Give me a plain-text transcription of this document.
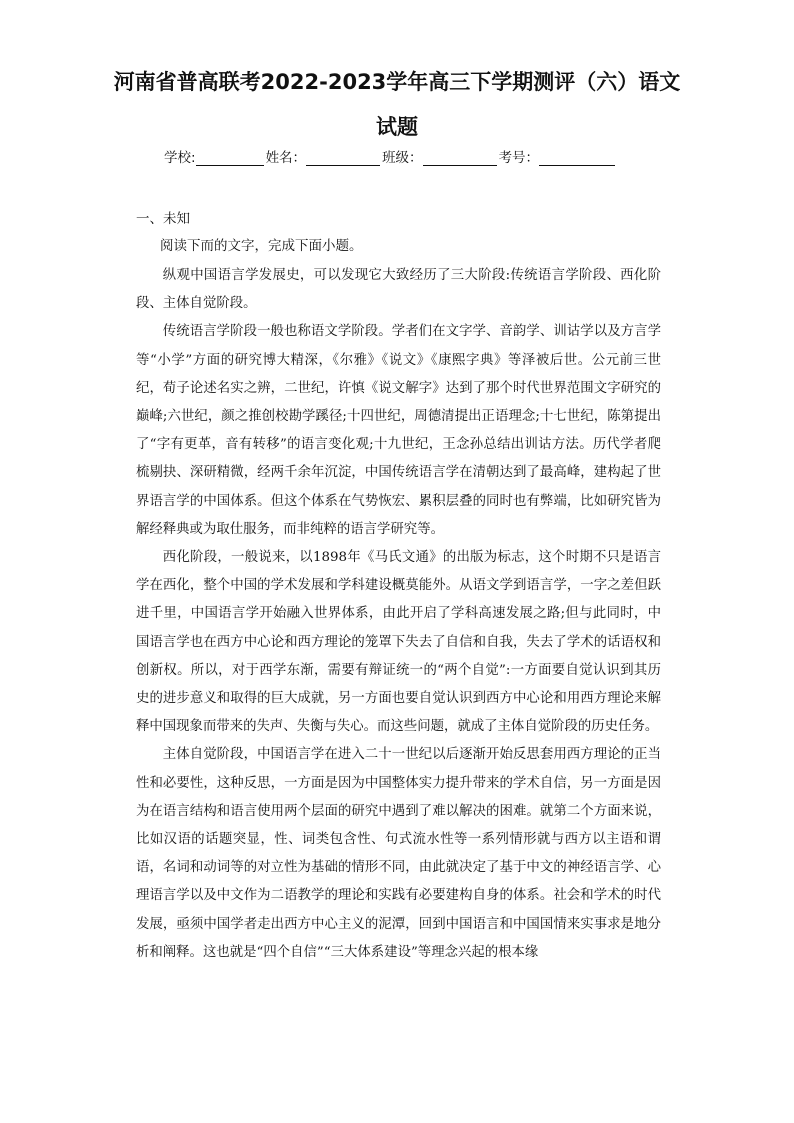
河南省普高联考2022-2023学年高三下学期测评（六）语文
试题
学校:	姓名：	班级：	考号：
一、未知
阅读下而的文字，完成下面小题。

纵观中国语言学发展史，可以发现它大致经历了三大阶段:传统语言学阶段、西化阶段、主体自觉阶段。

传统语言学阶段一般也称语文学阶段。学者们在文字学、音韵学、训诂学以及方言学等“小学”方面的研究博大精深，《尔雅》《说文》《康熙字典》等泽被后世。公元前三世纪，荀子论述名实之辨，二世纪，许慎《说文解字》达到了那个时代世界范围文字研究的巅峰;六世纪，颜之推创校勘学蹊径;十四世纪，周德清提出正语理念;十七世纪，陈第提出了“字有更革，音有转移”的语言变化观;十九世纪，王念孙总结出训诂方法。历代学者爬梳剔抉、深研精微，经两千余年沉淀，中国传统语言学在清朝达到了最高峰，建构起了世界语言学的中国体系。但这个体系在气势恢宏、累积层叠的同时也有弊端，比如研究皆为解经释典或为取仕服务，而非纯粹的语言学研究等。

西化阶段，一般说来，以1898年《马氏文通》的出版为标志，这个时期不只是语言学在西化，整个中国的学术发展和学科建设概莫能外。从语文学到语言学，一字之差但跃进千里，中国语言学开始融入世界体系，由此开启了学科高速发展之路;但与此同时，中国语言学也在西方中心论和西方理论的笼罩下失去了自信和自我，失去了学术的话语权和创新权。所以，对于西学东渐，需要有辩证统一的“两个自觉”:一方面要自觉认识到其历史的进步意义和取得的巨大成就，另一方面也要自觉认识到西方中心论和用西方理论来解释中国现象而带来的失声、失衡与失心。而这些问题，就成了主体自觉阶段的历史任务。

主体自觉阶段，中国语言学在进入二十一世纪以后逐渐开始反思套用西方理论的正当性和必要性，这种反思，一方面是因为中国整体实力提升带来的学术自信，另一方面是因为在语言结构和语言使用两个层面的研究中遇到了难以解决的困难。就第二个方面来说，比如汉语的话题突显，性、词类包含性、句式流水性等一系列情形就与西方以主语和谓语，名词和动词等的对立性为基础的情形不同，由此就决定了基于中文的神经语言学、心理语言学以及中文作为二语教学的理论和实践有必要建构自身的体系。社会和学术的时代发展，亟须中国学者走出西方中心主义的泥潭，回到中国语言和中国国情来实事求是地分析和阐释。这也就是“四个自信”“三大体系建设”等理念兴起的根本缘
